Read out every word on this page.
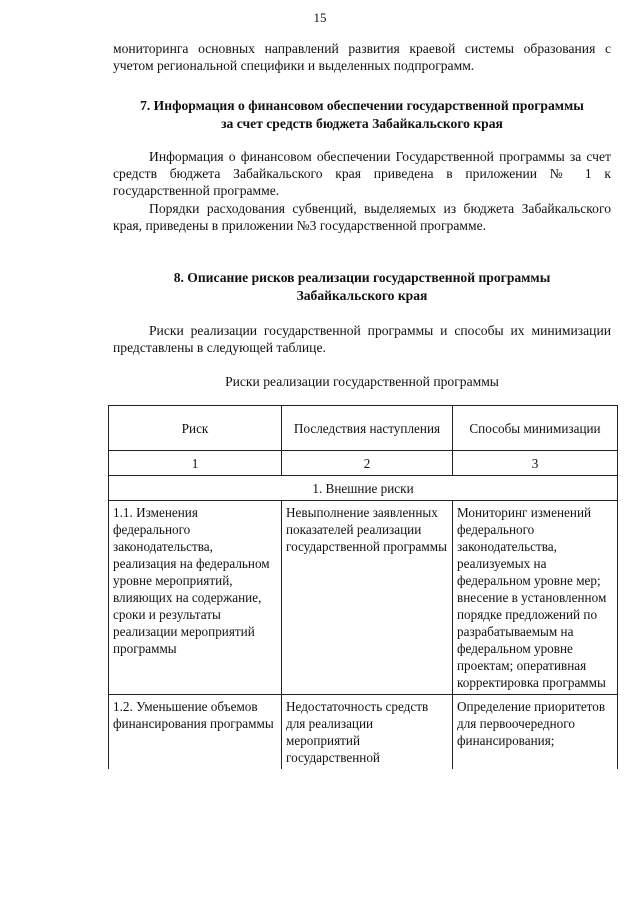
15

мониторинга основных направлений развития краевой системы образования с учетом региональной специфики и выделенных подпрограмм.

7. Информация о финансовом обеспечении государственной программы
за счет средств бюджета Забайкальского края

Информация о финансовом обеспечении Государственной программы за счет средств бюджета Забайкальского края приведена в приложении № 1 к государственной программе.

Порядки расходования субвенций, выделяемых из бюджета Забайкальского края, приведены в приложении №3 государственной программе.

8. Описание рисков реализации государственной программы
Забайкальского края

Риски реализации государственной программы и способы их минимизации представлены в следующей таблице.

Риски реализации государственной программы
Риск	Последствия наступления	Способы минимизации
1	2	3
1. Внешние риски		
1.1. Изменения федерального законодательства, реализация на федеральном уровне мероприятий, влияющих на содержание, сроки и результаты реализации мероприятий программы	Невыполнение заявленных показателей реализации государственной программы	Мониторинг изменений федерального законодательства, реализуемых на федеральном уровне мер; внесение в установленном порядке предложений по разрабатываемым на федеральном уровне проектам; оперативная корректировка программы
1.2. Уменьшение объемов финансирования программы	Недостаточность средств для реализации мероприятий государственной	Определение приоритетов для первоочередного финансирования;
